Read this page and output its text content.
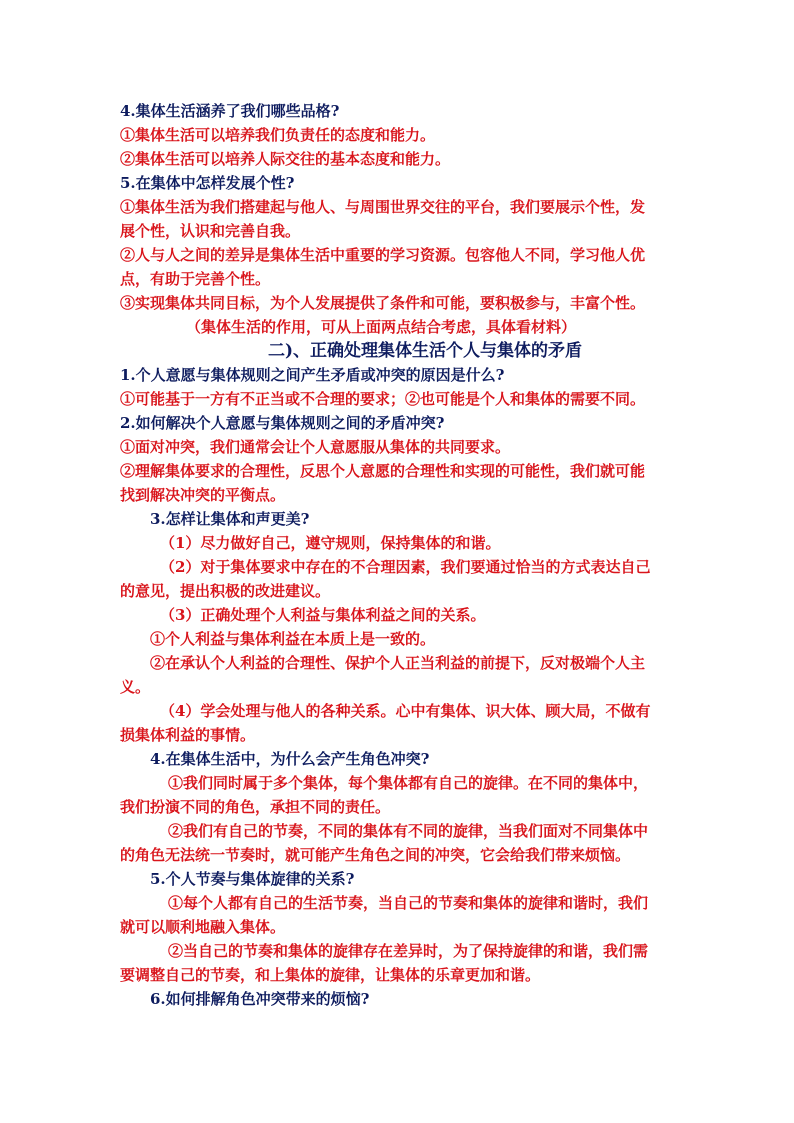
4.集体生活涵养了我们哪些品格?
①集体生活可以培养我们负责任的态度和能力。
②集体生活可以培养人际交往的基本态度和能力。
5.在集体中怎样发展个性?
①集体生活为我们搭建起与他人、与周围世界交往的平台，我们要展示个性，发
展个性，认识和完善自我。
②人与人之间的差异是集体生活中重要的学习资源。包容他人不同，学习他人优
点，有助于完善个性。
③实现集体共同目标，为个人发展提供了条件和可能，要积极参与，丰富个性。
（集体生活的作用，可从上面两点结合考虑，具体看材料）
二)、正确处理集体生活个人与集体的矛盾
1.个人意愿与集体规则之间产生矛盾或冲突的原因是什么?
①可能基于一方有不正当或不合理的要求；②也可能是个人和集体的需要不同。
2.如何解决个人意愿与集体规则之间的矛盾冲突?
①面对冲突，我们通常会让个人意愿服从集体的共同要求。
②理解集体要求的合理性，反思个人意愿的合理性和实现的可能性，我们就可能
找到解决冲突的平衡点。
3.怎样让集体和声更美?
（1）尽力做好自己，遵守规则，保持集体的和谐。
（2）对于集体要求中存在的不合理因素，我们要通过恰当的方式表达自己
的意见，提出积极的改进建议。
（3）正确处理个人利益与集体利益之间的关系。
①个人利益与集体利益在本质上是一致的。
②在承认个人利益的合理性、保护个人正当利益的前提下，反对极端个人主
义。
（4）学会处理与他人的各种关系。心中有集体、识大体、顾大局，不做有
损集体利益的事情。
4.在集体生活中，为什么会产生角色冲突?
①我们同时属于多个集体，每个集体都有自己的旋律。在不同的集体中，
我们扮演不同的角色，承担不同的责任。
②我们有自己的节奏，不同的集体有不同的旋律，当我们面对不同集体中
的角色无法统一节奏时，就可能产生角色之间的冲突，它会给我们带来烦恼。
5.个人节奏与集体旋律的关系?
①每个人都有自己的生活节奏，当自己的节奏和集体的旋律和谐时，我们
就可以顺利地融入集体。
②当自己的节奏和集体的旋律存在差异时，为了保持旋律的和谐，我们需
要调整自己的节奏，和上集体的旋律，让集体的乐章更加和谐。
6.如何排解角色冲突带来的烦恼?
